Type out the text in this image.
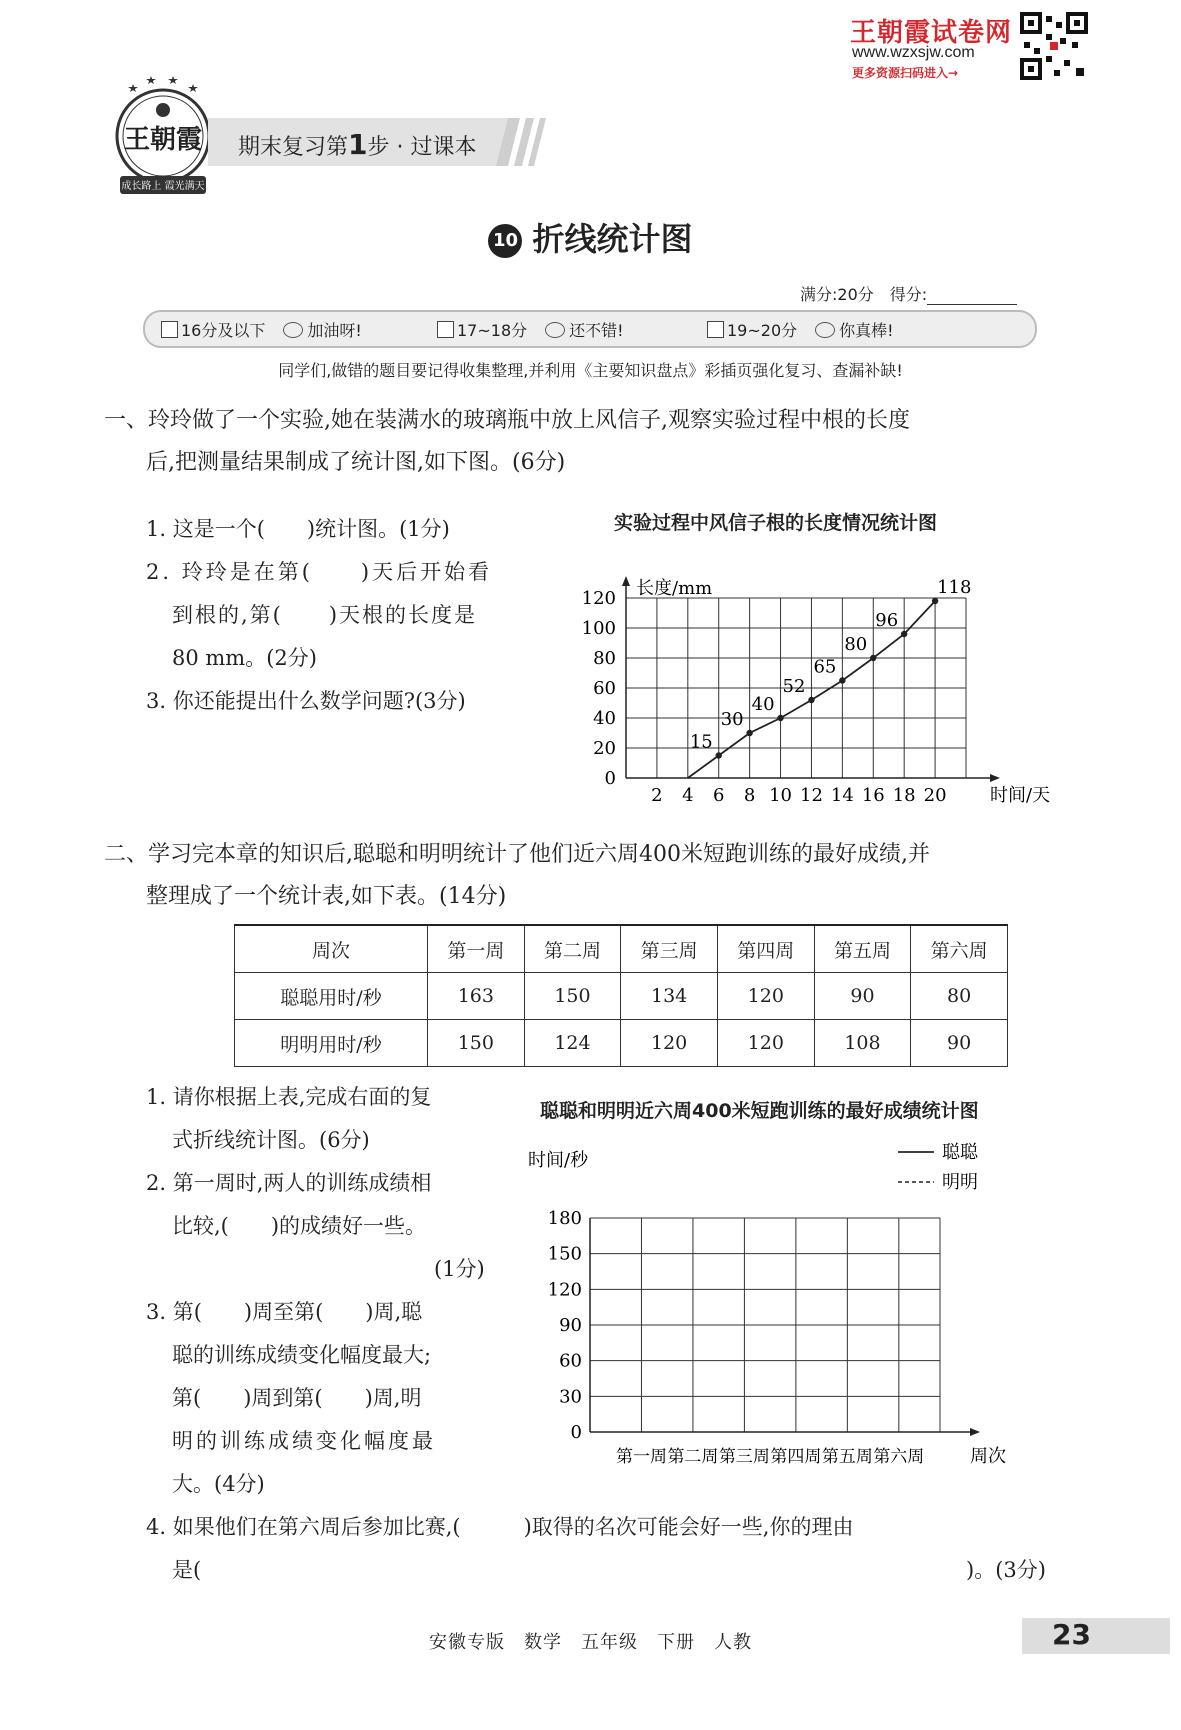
王朝霞试卷网
www.wzxsjw.com
更多资源扫码进入→
王朝霞
成长路上 霞光满天
期末复习第1步 · 过课本
10 折线统计图
满分:20分　 得分:
16分及以下	加油呀!	17~18分	还不错!	19~20分	你真棒!
同学们,做错的题目要记得收集整理,并利用《主要知识盘点》彩插页强化复习、查漏补缺!
一、玲玲做了一个实验,她在装满水的玻璃瓶中放上风信子,观察实验过程中根的长度
后,把测量结果制成了统计图,如下图。(6分)
1. 这是一个(　　)统计图。(1分)
2. 玲玲是在第(　　)天后开始看
到根的,第(　　)天根的长度是
80 mm。(2分)
3. 你还能提出什么数学问题?(3分)
实验过程中风信子根的长度情况统计图
2 4 6 8 10 12 14 16 18 20
0
20
40
60
80
100
120 长度/mm
时间/天
15
30
40
52
65
80
96
118
二、学习完本章的知识后,聪聪和明明统计了他们近六周400米短跑训练的最好成绩,并
整理成了一个统计表,如下表。(14分)
周次	第一周	第二周	第三周	第四周	第五周	第六周
聪聪用时/秒	163	150	134	120	90	80
明明用时/秒	150	124	120	120	108	90
1. 请你根据上表,完成右面的复
式折线统计图。(6分)
2. 第一周时,两人的训练成绩相
比较,(　　)的成绩好一些。
(1分)
3. 第(　　)周至第(　　)周,聪
聪的训练成绩变化幅度最大;
第(　　)周到第(　　)周,明
明的训练成绩变化幅度最
大。(4分)
4. 如果他们在第六周后参加比赛,(　　　)取得的名次可能会好一些,你的理由
是(	)。(3分)
聪聪和明明近六周400米短跑训练的最好成绩统计图
0
30
60
90
120
150
180
第一周 第二周 第三周 第四周 第五周 第六周	周次
时间/秒	聪聪
明明
安徽专版　数学　五年级　下册　人教	23
